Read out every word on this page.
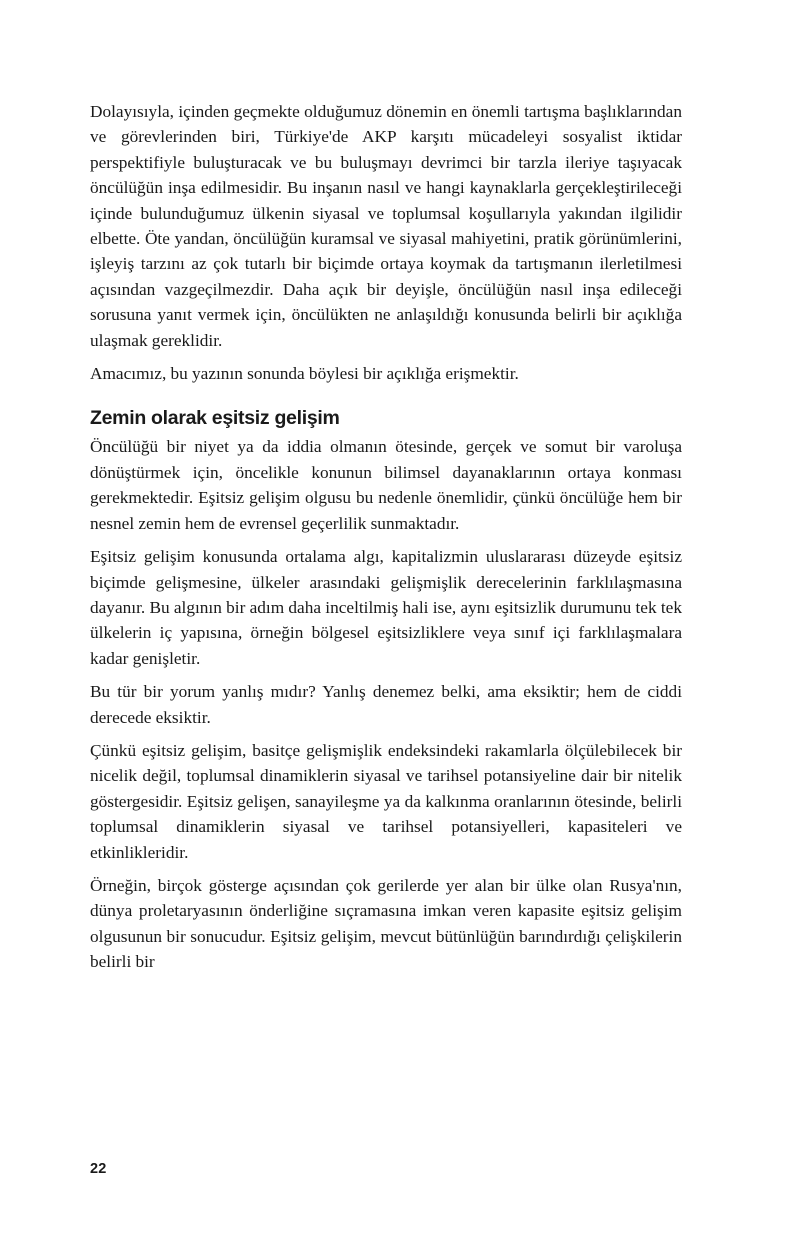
Dolayısıyla, içinden geçmekte olduğumuz dönemin en önemli tartışma başlıklarından ve görevlerinden biri, Türkiye'de AKP karşıtı mücadeleyi sosyalist iktidar perspektifiyle buluşturacak ve bu buluşmayı devrimci bir tarzla ileriye taşıyacak öncülüğün inşa edilmesidir. Bu inşanın nasıl ve hangi kaynaklarla gerçekleştirileceği içinde bulunduğumuz ülkenin siyasal ve toplumsal koşullarıyla yakından ilgilidir elbette. Öte yandan, öncülüğün kuramsal ve siyasal mahiyetini, pratik görünümlerini, işleyiş tarzını az çok tutarlı bir biçimde ortaya koymak da tartışmanın ilerletilmesi açısından vazgeçilmezdir. Daha açık bir deyişle, öncülüğün nasıl inşa edileceği sorusuna yanıt vermek için, öncülükten ne anlaşıldığı konusunda belirli bir açıklığa ulaşmak gereklidir.

Amacımız, bu yazının sonunda böylesi bir açıklığa erişmektir.

Zemin olarak eşitsiz gelişim

Öncülüğü bir niyet ya da iddia olmanın ötesinde, gerçek ve somut bir varoluşa dönüştürmek için, öncelikle konunun bilimsel dayanaklarının ortaya konması gerekmektedir. Eşitsiz gelişim olgusu bu nedenle önemlidir, çünkü öncülüğe hem bir nesnel zemin hem de evrensel geçerlilik sunmaktadır.

Eşitsiz gelişim konusunda ortalama algı, kapitalizmin uluslararası düzeyde eşitsiz biçimde gelişmesine, ülkeler arasındaki gelişmişlik derecelerinin farklılaşmasına dayanır. Bu algının bir adım daha inceltilmiş hali ise, aynı eşitsizlik durumunu tek tek ülkelerin iç yapısına, örneğin bölgesel eşitsizliklere veya sınıf içi farklılaşmalara kadar genişletir.

Bu tür bir yorum yanlış mıdır? Yanlış denemez belki, ama eksiktir; hem de ciddi derecede eksiktir.

Çünkü eşitsiz gelişim, basitçe gelişmişlik endeksindeki rakamlarla ölçülebilecek bir nicelik değil, toplumsal dinamiklerin siyasal ve tarihsel potansiyeline dair bir nitelik göstergesidir. Eşitsiz gelişen, sanayileşme ya da kalkınma oranlarının ötesinde, belirli toplumsal dinamiklerin siyasal ve tarihsel potansiyelleri, kapasiteleri ve etkinlikleridir.

Örneğin, birçok gösterge açısından çok gerilerde yer alan bir ülke olan Rusya'nın, dünya proletaryasının önderliğine sıçramasına imkan veren kapasite eşitsiz gelişim olgusunun bir sonucudur. Eşitsiz gelişim, mevcut bütünlüğün barındırdığı çelişkilerin belirli bir

22
